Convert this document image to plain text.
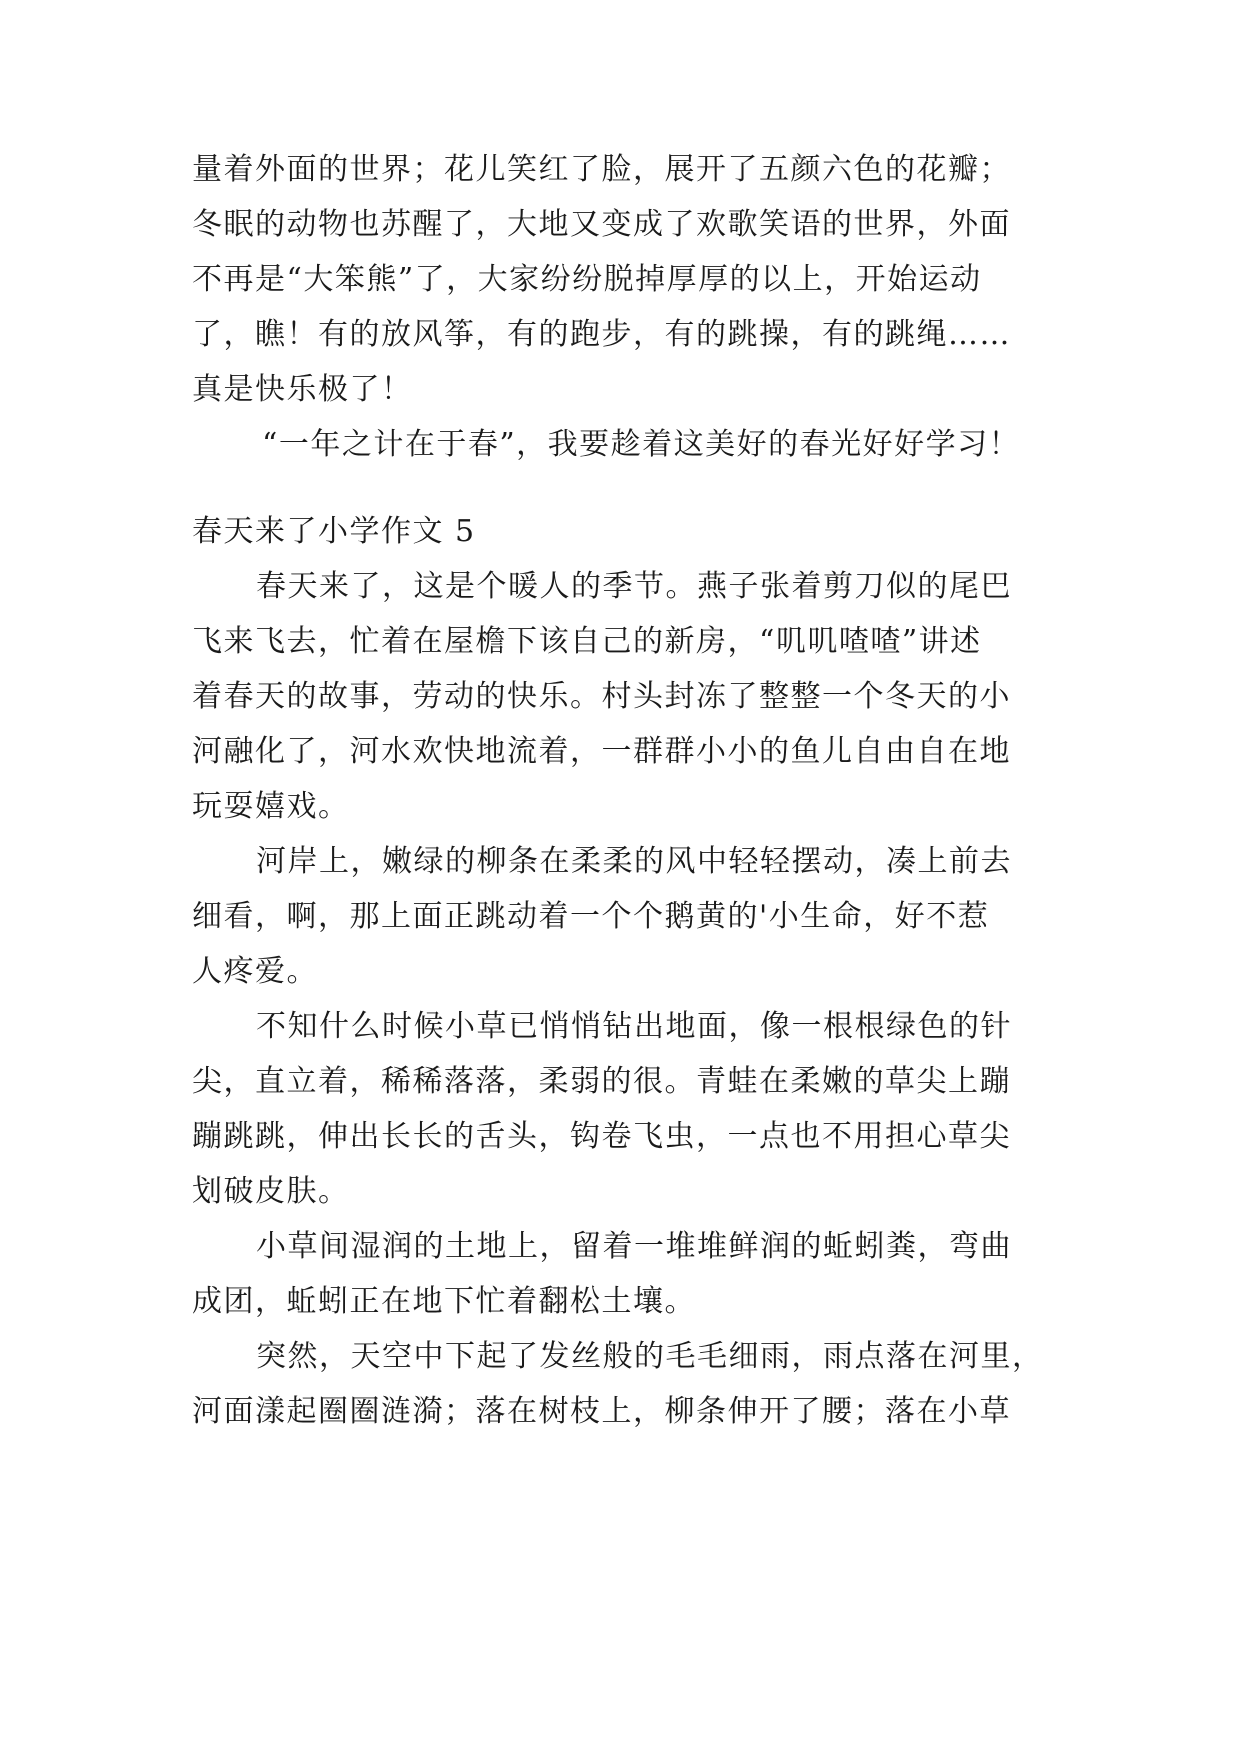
量着外面的世界；花儿笑红了脸，展开了五颜六色的花瓣；
冬眠的动物也苏醒了，大地又变成了欢歌笑语的世界，外面
不再是“大笨熊”了，大家纷纷脱掉厚厚的以上，开始运动
了，瞧！有的放风筝，有的跑步，有的跳操，有的跳绳……
真是快乐极了！
“一年之计在于春”，我要趁着这美好的春光好好学习！
春天来了小学作文 5
春天来了，这是个暖人的季节。燕子张着剪刀似的尾巴
飞来飞去，忙着在屋檐下该自己的新房，“叽叽喳喳”讲述
着春天的故事，劳动的快乐。村头封冻了整整一个冬天的小
河融化了，河水欢快地流着，一群群小小的鱼儿自由自在地
玩耍嬉戏。
河岸上，嫩绿的柳条在柔柔的风中轻轻摆动，凑上前去
细看，啊，那上面正跳动着一个个鹅黄的'小生命，好不惹
人疼爱。
不知什么时候小草已悄悄钻出地面，像一根根绿色的针
尖，直立着，稀稀落落，柔弱的很。青蛙在柔嫩的草尖上蹦
蹦跳跳，伸出长长的舌头，钩卷飞虫，一点也不用担心草尖
划破皮肤。
小草间湿润的土地上，留着一堆堆鲜润的蚯蚓粪，弯曲
成团，蚯蚓正在地下忙着翻松土壤。
突然，天空中下起了发丝般的毛毛细雨，雨点落在河里，
河面漾起圈圈涟漪；落在树枝上，柳条伸开了腰；落在小草
